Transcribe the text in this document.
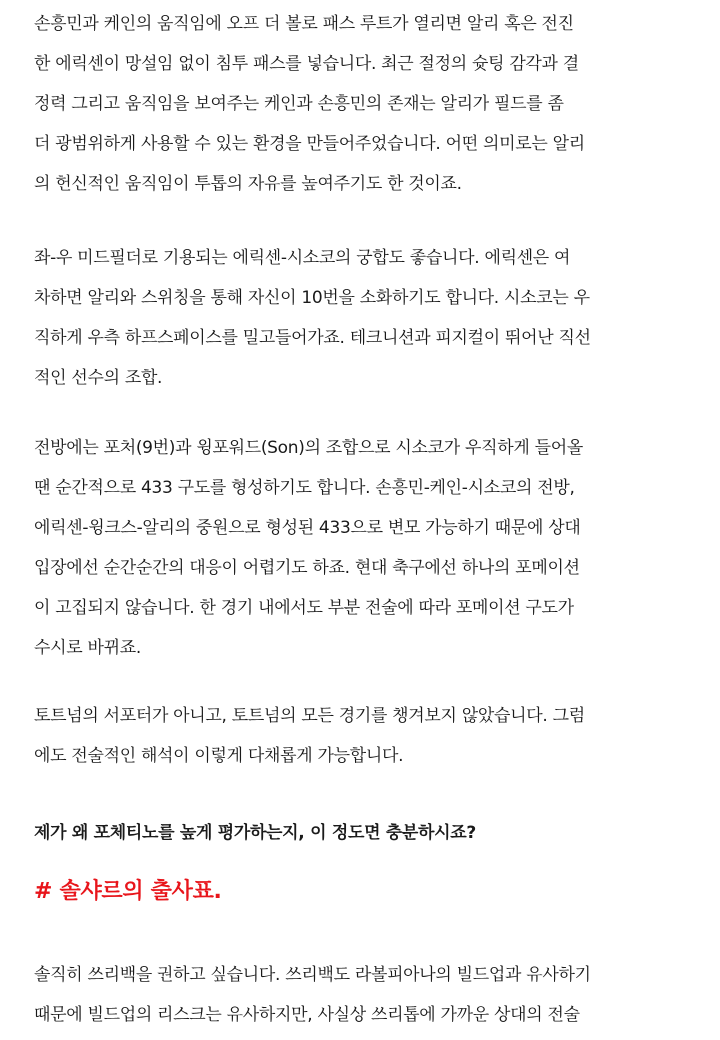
손흥민과 케인의 움직임에 오프 더 볼로 패스 루트가 열리면 알리 혹은 전진
한 에릭센이 망설임 없이 침투 패스를 넣습니다. 최근 절정의 슛팅 감각과 결
정력 그리고 움직임을 보여주는 케인과 손흥민의 존재는 알리가 필드를 좀
더 광범위하게 사용할 수 있는 환경을 만들어주었습니다. 어떤 의미로는 알리
의 헌신적인 움직임이 투톱의 자유를 높여주기도 한 것이죠.

좌-우 미드필더로 기용되는 에릭센-시소코의 궁합도 좋습니다. 에릭센은 여
차하면 알리와 스위칭을 통해 자신이 10번을 소화하기도 합니다. 시소코는 우
직하게 우측 하프스페이스를 밀고들어가죠. 테크니션과 피지컬이 뛰어난 직선
적인 선수의 조합.

전방에는 포처(9번)과 윙포워드(Son)의 조합으로 시소코가 우직하게 들어올
땐 순간적으로 433 구도를 형성하기도 합니다. 손흥민-케인-시소코의 전방,
에릭센-윙크스-알리의 중원으로 형성된 433으로 변모 가능하기 때문에 상대
입장에선 순간순간의 대응이 어렵기도 하죠. 현대 축구에선 하나의 포메이션
이 고집되지 않습니다. 한 경기 내에서도 부분 전술에 따라 포메이션 구도가
수시로 바뀌죠.

토트넘의 서포터가 아니고, 토트넘의 모든 경기를 챙겨보지 않았습니다. 그럼
에도 전술적인 해석이 이렇게 다채롭게 가능합니다.

제가 왜 포체티노를 높게 평가하는지, 이 정도면 충분하시죠?

# 솔샤르의 출사표.

솔직히 쓰리백을 권하고 싶습니다. 쓰리백도 라볼피아나의 빌드업과 유사하기
때문에 빌드업의 리스크는 유사하지만, 사실상 쓰리톱에 가까운 상대의 전술
